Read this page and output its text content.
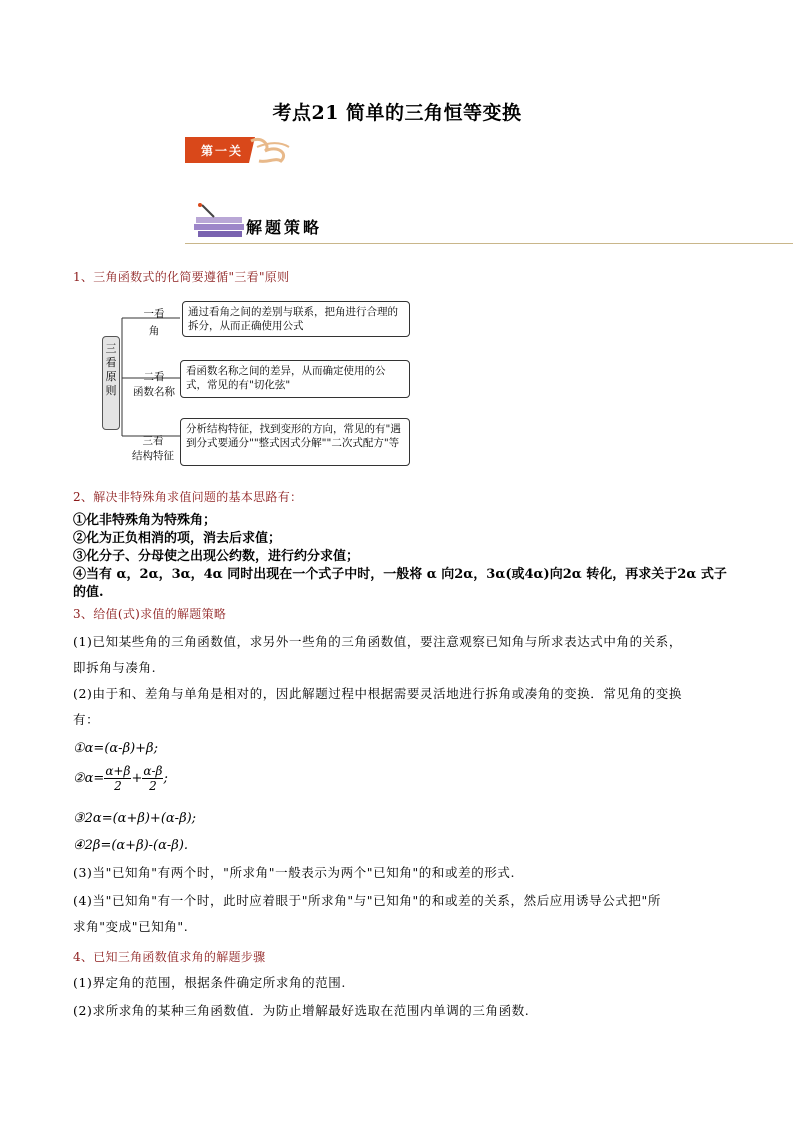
考点21 简单的三角恒等变换
第一关
解题策略
1、三角函数式的化简要遵循"三看"原则
三看原则
一看
角
通过看角之间的差别与联系，把角进行合理的拆分，从而正确使用公式
二看
函数名称
看函数名称之间的差异，从而确定使用的公式，常见的有"切化弦"
三看
结构特征
分析结构特征，找到变形的方向，常见的有"遇到分式要通分""整式因式分解""二次式配方"等
2、解决非特殊角求值问题的基本思路有：
①化非特殊角为特殊角；
②化为正负相消的项，消去后求值；
③化分子、分母使之出现公约数，进行约分求值；
④当有 α，2α，3α，4α 同时出现在一个式子中时，一般将 α 向2α，3α(或4α)向2α 转化，再求关于2α 式子
的值.
3、给值(式)求值的解题策略
(1)已知某些角的三角函数值，求另外一些角的三角函数值，要注意观察已知角与所求表达式中角的关系，
即拆角与凑角.
(2)由于和、差角与单角是相对的，因此解题过程中根据需要灵活地进行拆角或凑角的变换．常见角的变换
有：
①α=(α-β)+β;
②α= $\frac{\alpha+\beta}{2} + \frac{\alpha-\beta}{2}$ ;
③2α=(α+β)+(α-β);
④2β=(α+β)-(α-β).
(3)当"已知角"有两个时，"所求角"一般表示为两个"已知角"的和或差的形式.
(4)当"已知角"有一个时，此时应着眼于"所求角"与"已知角"的和或差的关系，然后应用诱导公式把"所
求角"变成"已知角".
4、已知三角函数值求角的解题步骤
(1)界定角的范围，根据条件确定所求角的范围.
(2)求所求角的某种三角函数值．为防止增解最好选取在范围内单调的三角函数.
